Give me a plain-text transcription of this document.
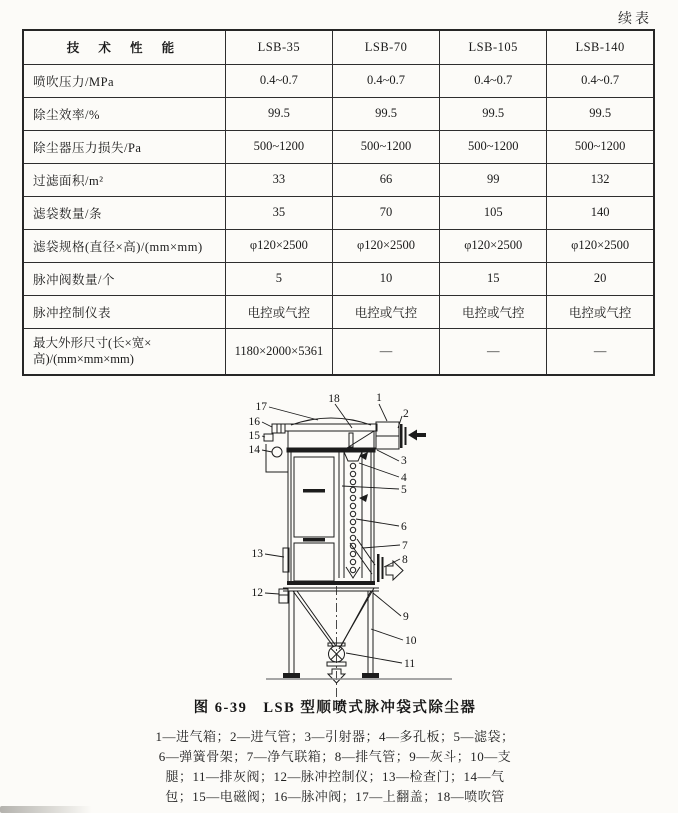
续表
技 术 性 能	LSB-35	LSB-70	LSB-105	LSB-140
喷吹压力/MPa	0.4~0.7	0.4~0.7	0.4~0.7	0.4~0.7
除尘效率/%	99.5	99.5	99.5	99.5
除尘器压力损失/Pa	500~1200	500~1200	500~1200	500~1200
过滤面积/m²	33	66	99	132
滤袋数量/条	35	70	105	140
滤袋规格(直径×高)/(mm×mm)	φ120×2500	φ120×2500	φ120×2500	φ120×2500
脉冲阀数量/个	5	10	15	20
脉冲控制仪表	电控或气控	电控或气控	电控或气控	电控或气控
最大外形尺寸(长×宽×高)/(mm×mm×mm)	1180×2000×5361	—	—	—
1
2
3
4
5
6
7
8
9
10
11
12
13
14
15
16
17
18
图 6-39　LSB 型顺喷式脉冲袋式除尘器
1—进气箱；2—进气管；3—引射器；4—多孔板；5—滤袋；
6—弹簧骨架；7—净气联箱；8—排气管；9—灰斗；10—支
腿；11—排灰阀；12—脉冲控制仪；13—检查门；14—气
包；15—电磁阀；16—脉冲阀；17—上翻盖；18—喷吹管
